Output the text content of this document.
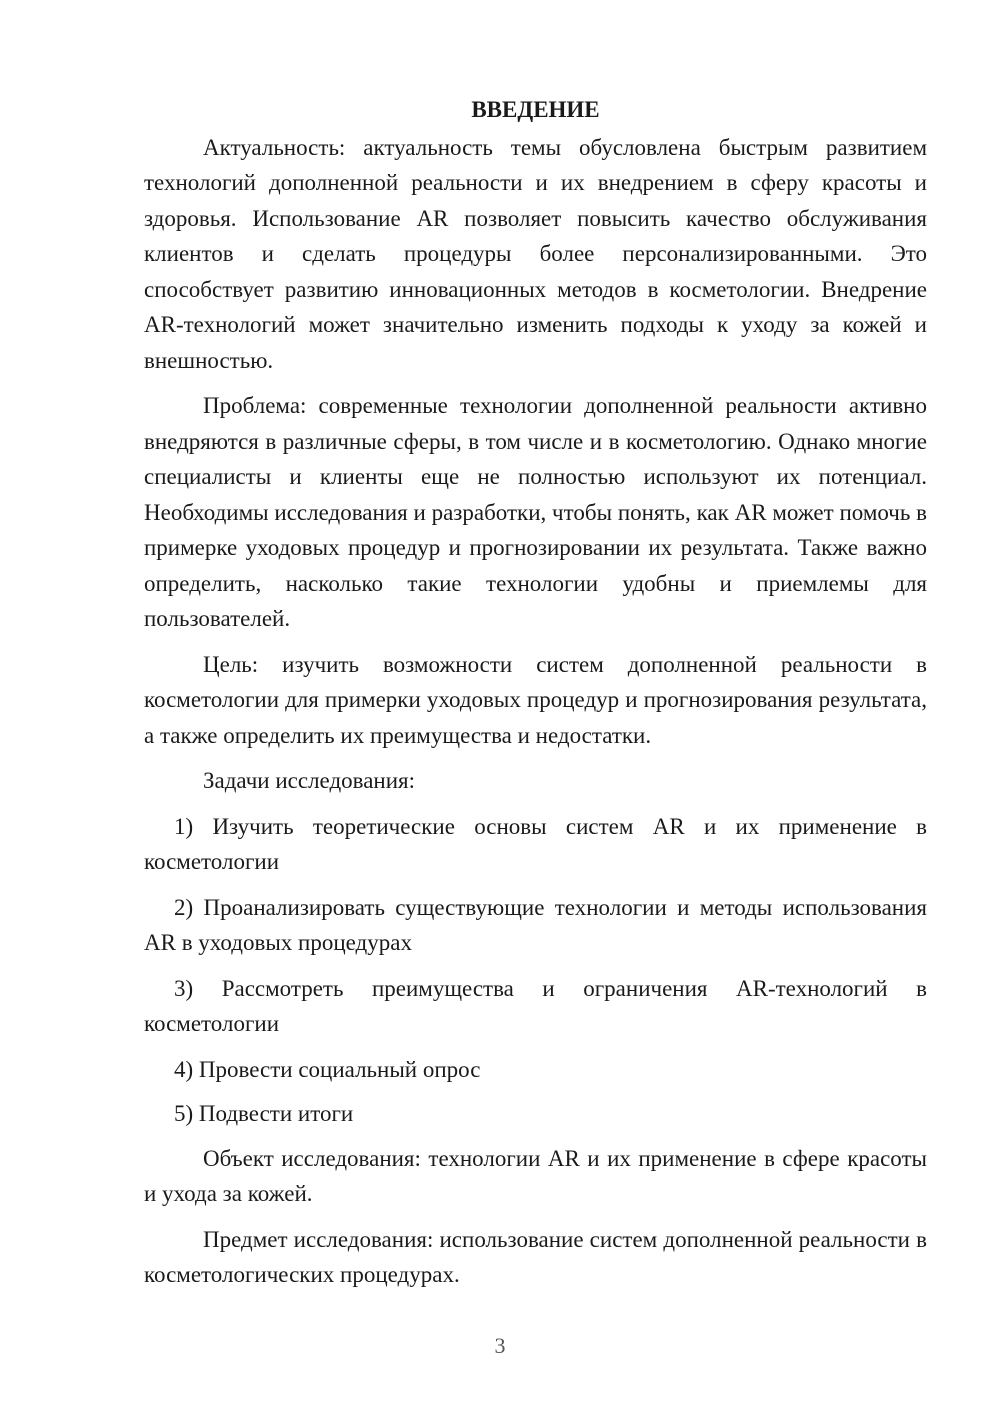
ВВЕДЕНИЕ

Актуальность: актуальность темы обусловлена быстрым развитием технологий дополненной реальности и их внедрением в сферу красоты и здоровья. Использование AR позволяет повысить качество обслуживания клиентов и сделать процедуры более персонализированными. Это способствует развитию инновационных методов в косметологии. Внедрение AR-технологий может значительно изменить подходы к уходу за кожей и внешностью.

Проблема: современные технологии дополненной реальности активно внедряются в различные сферы, в том числе и в косметологию. Однако многие специалисты и клиенты еще не полностью используют их потенциал. Необходимы исследования и разработки, чтобы понять, как AR может помочь в примерке уходовых процедур и прогнозировании их результата. Также важно определить, насколько такие технологии удобны и приемлемы для пользователей.

Цель: изучить возможности систем дополненной реальности в косметологии для примерки уходовых процедур и прогнозирования результата, а также определить их преимущества и недостатки.

Задачи исследования:

1) Изучить теоретические основы систем AR и их применение в косметологии

2) Проанализировать существующие технологии и методы использования AR в уходовых процедурах

3) Рассмотреть преимущества и ограничения AR-технологий в косметологии

4) Провести социальный опрос

5) Подвести итоги

Объект исследования: технологии AR и их применение в сфере красоты и ухода за кожей.

Предмет исследования: использование систем дополненной реальности в косметологических процедурах.

3
